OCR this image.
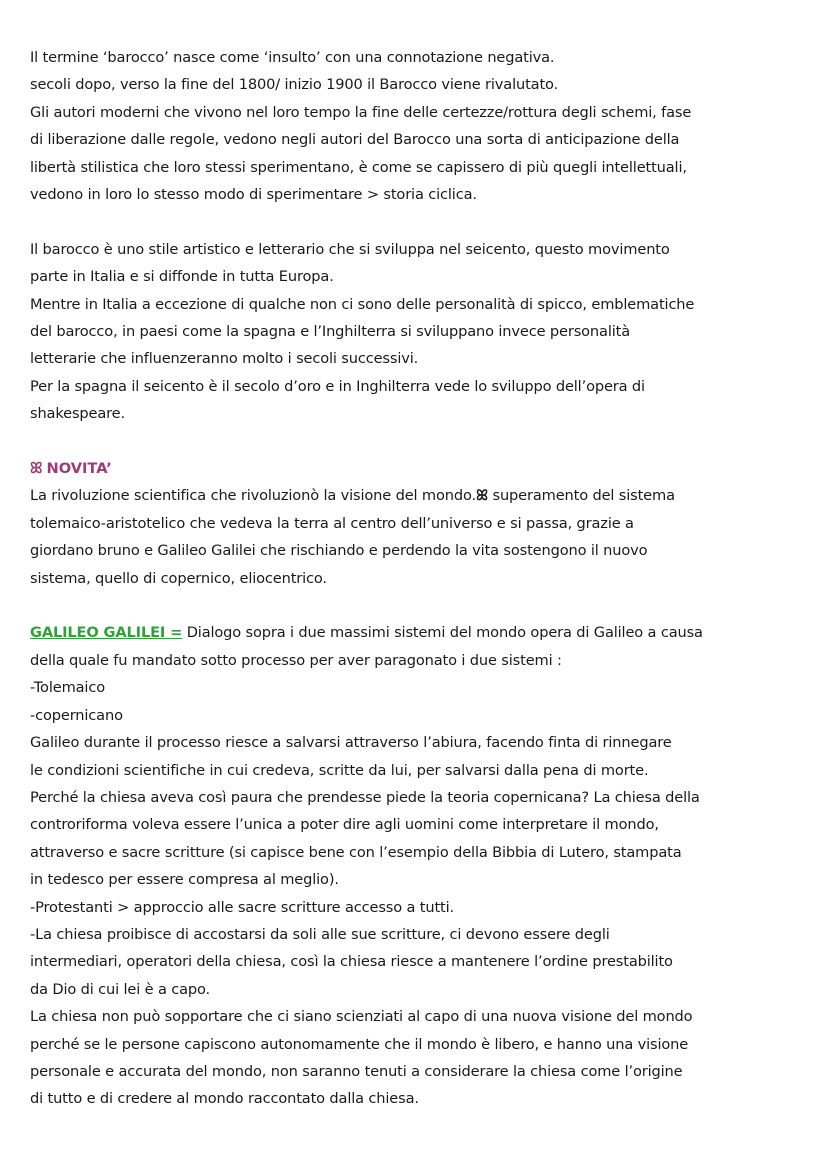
Il termine ‘barocco’ nasce come ‘insulto’ con una connotazione negativa.
secoli dopo, verso la fine del 1800/ inizio 1900 il Barocco viene rivalutato.
Gli autori moderni che vivono nel loro tempo la fine delle certezze/rottura degli schemi, fase
di liberazione dalle regole, vedono negli autori del Barocco una sorta di anticipazione della
libertà stilistica che loro stessi sperimentano, è come se capissero di più quegli intellettuali,
vedono in loro lo stesso modo di sperimentare > storia ciclica.
Il barocco è uno stile artistico e letterario che si sviluppa nel seicento, questo movimento
parte in Italia e si diffonde in tutta Europa.
Mentre in Italia a eccezione di qualche non ci sono delle personalità di spicco, emblematiche
del barocco, in paesi come la spagna e l’Inghilterra si sviluppano invece personalità
letterarie che influenzeranno molto i secoli successivi.
Per la spagna il seicento è il secolo d’oro e in Inghilterra vede lo sviluppo dell’opera di
shakespeare.
ꕤ NOVITA’
La rivoluzione scientifica che rivoluzionò la visione del mondo.ꕤ superamento del sistema
tolemaico-aristotelico che vedeva la terra al centro dell’universo e si passa, grazie a
giordano bruno e Galileo Galilei che rischiando e perdendo la vita sostengono il nuovo
sistema, quello di copernico, eliocentrico.
GALILEO GALILEI = Dialogo sopra i due massimi sistemi del mondo opera di Galileo a causa
della quale fu mandato sotto processo per aver paragonato i due sistemi :
-Tolemaico
-copernicano
Galileo durante il processo riesce a salvarsi attraverso l’abiura, facendo finta di rinnegare
le condizioni scientifiche in cui credeva, scritte da lui, per salvarsi dalla pena di morte.
Perché la chiesa aveva così paura che prendesse piede la teoria copernicana? La chiesa della
controriforma voleva essere l’unica a poter dire agli uomini come interpretare il mondo,
attraverso e sacre scritture (si capisce bene con l’esempio della Bibbia di Lutero, stampata
in tedesco per essere compresa al meglio).
-Protestanti > approccio alle sacre scritture accesso a tutti.
-La chiesa proibisce di accostarsi da soli alle sue scritture, ci devono essere degli
intermediari, operatori della chiesa, così la chiesa riesce a mantenere l’ordine prestabilito
da Dio di cui lei è a capo.
La chiesa non può sopportare che ci siano scienziati al capo di una nuova visione del mondo
perché se le persone capiscono autonomamente che il mondo è libero, e hanno una visione
personale e accurata del mondo, non saranno tenuti a considerare la chiesa come l’origine
di tutto e di credere al mondo raccontato dalla chiesa.
